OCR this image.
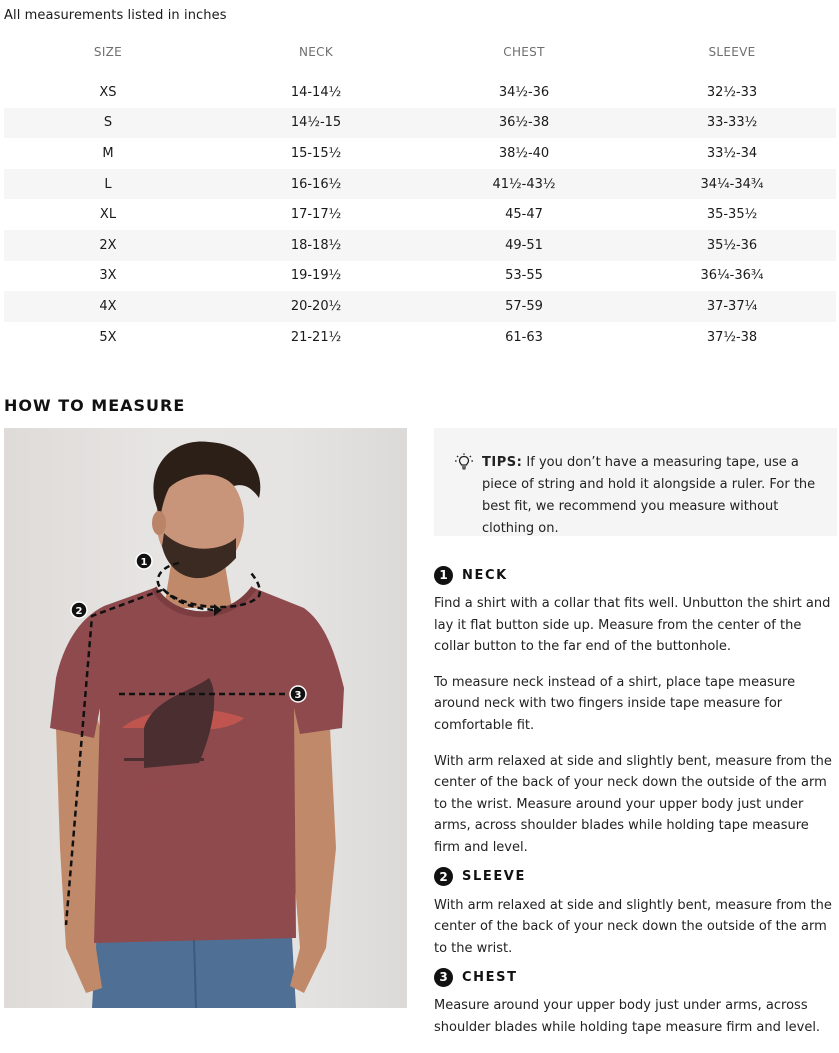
All measurements listed in inches
SIZE	NECK	CHEST	SLEEVE

XS	14-14½	34½-36	32½-33
S	14½-15	36½-38	33-33½
M	15-15½	38½-40	33½-34
L	16-16½	41½-43½	34¼-34¾
XL	17-17½	45-47	35-35½
2X	18-18½	49-51	35½-36
3X	19-19½	53-55	36¼-36¾
4X	20-20½	57-59	37-37¼
5X	21-21½	61-63	37½-38
HOW TO MEASURE
· · · · · · · · ·
1
2
3
TIPS: If you don’t have a measuring tape, use a piece of string and hold it alongside a ruler. For the best fit, we recommend you measure without clothing on.
1	NECK

Find a shirt with a collar that fits well. Unbutton the shirt and lay it flat button side up. Measure from the center of the collar button to the far end of the buttonhole.

To measure neck instead of a shirt, place tape measure around neck with two fingers inside tape measure for comfortable fit.

With arm relaxed at side and slightly bent, measure from the center of the back of your neck down the outside of the arm to the wrist. Measure around your upper body just under arms, across shoulder blades while holding tape measure firm and level.

2	SLEEVE

With arm relaxed at side and slightly bent, measure from the center of the back of your neck down the outside of the arm to the wrist.

3	CHEST

Measure around your upper body just under arms, across shoulder blades while holding tape measure firm and level.
